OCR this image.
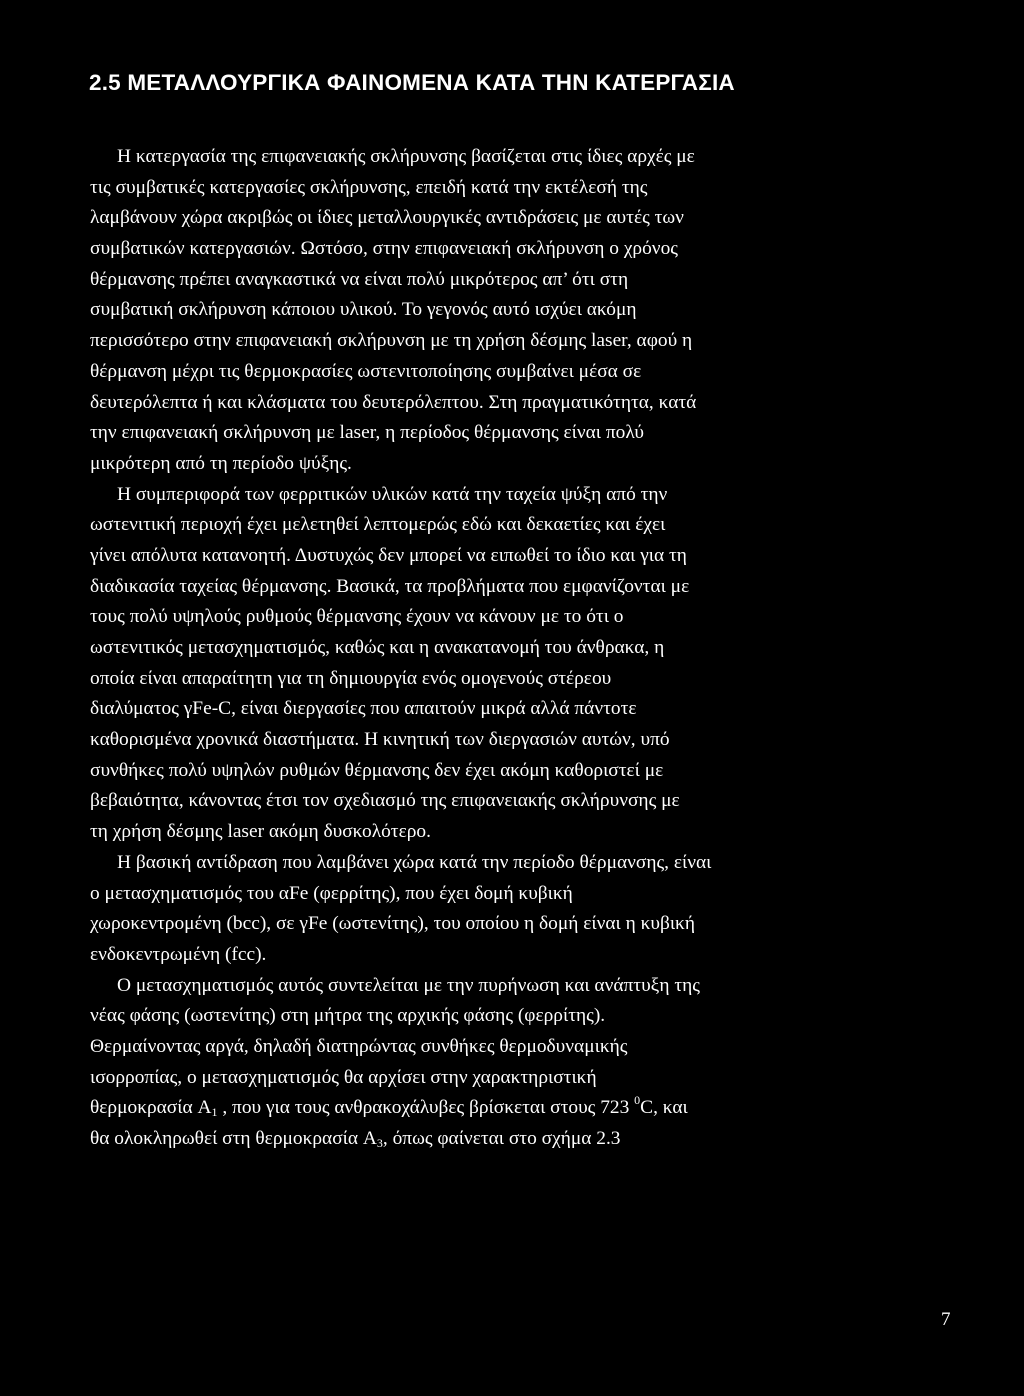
2.5 ΜΕΤΑΛΛΟΥΡΓΙΚΑ ΦΑΙΝΟΜΕΝΑ ΚΑΤΑ ΤΗΝ ΚΑΤΕΡΓΑΣΙΑ
Η κατεργασία της επιφανειακής σκλήρυνσης βασίζεται στις ίδιες αρχές με
τις συμβατικές κατεργασίες σκλήρυνσης, επειδή κατά την εκτέλεσή της
λαμβάνουν χώρα ακριβώς οι ίδιες μεταλλουργικές αντιδράσεις με αυτές των
συμβατικών κατεργασιών. Ωστόσο, στην επιφανειακή σκλήρυνση ο χρόνος
θέρμανσης πρέπει αναγκαστικά να είναι πολύ μικρότερος απ’ ότι στη
συμβατική σκλήρυνση κάποιου υλικού. Το γεγονός αυτό ισχύει ακόμη
περισσότερο στην επιφανειακή σκλήρυνση με τη χρήση δέσμης laser, αφού η
θέρμανση μέχρι τις θερμοκρασίες ωστενιτοποίησης συμβαίνει μέσα σε
δευτερόλεπτα ή και κλάσματα του δευτερόλεπτου. Στη πραγματικότητα, κατά
την επιφανειακή σκλήρυνση με laser, η περίοδος θέρμανσης είναι πολύ
μικρότερη από τη περίοδο ψύξης.
Η συμπεριφορά των φερριτικών υλικών κατά την ταχεία ψύξη από την
ωστενιτική περιοχή έχει μελετηθεί λεπτομερώς εδώ και δεκαετίες και έχει
γίνει απόλυτα κατανοητή. Δυστυχώς δεν μπορεί να ειπωθεί το ίδιο και για τη
διαδικασία ταχείας θέρμανσης. Βασικά, τα προβλήματα που εμφανίζονται με
τους πολύ υψηλούς ρυθμούς θέρμανσης έχουν να κάνουν με το ότι ο
ωστενιτικός μετασχηματισμός, καθώς και η ανακατανομή του άνθρακα, η
οποία είναι απαραίτητη για τη δημιουργία ενός ομογενούς στέρεου
διαλύματος γFe-C, είναι διεργασίες που απαιτούν μικρά αλλά πάντοτε
καθορισμένα χρονικά διαστήματα. Η κινητική των διεργασιών αυτών, υπό
συνθήκες πολύ υψηλών ρυθμών θέρμανσης δεν έχει ακόμη καθοριστεί με
βεβαιότητα, κάνοντας έτσι τον σχεδιασμό της επιφανειακής σκλήρυνσης με
τη χρήση δέσμης laser ακόμη δυσκολότερο.
Η βασική αντίδραση που λαμβάνει χώρα κατά την περίοδο θέρμανσης, είναι
ο μετασχηματισμός του αFe (φερρίτης), που έχει δομή κυβική
χωροκεντρομένη (bcc), σε γFe (ωστενίτης), του οποίου η δομή είναι η κυβική
ενδοκεντρωμένη (fcc).
Ο μετασχηματισμός αυτός συντελείται με την πυρήνωση και ανάπτυξη της
νέας φάσης (ωστενίτης) στη μήτρα της αρχικής φάσης (φερρίτης).
Θερμαίνοντας αργά, δηλαδή διατηρώντας συνθήκες θερμοδυναμικής
ισορροπίας, ο μετασχηματισμός θα αρχίσει στην χαρακτηριστική
θερμοκρασία $A_1$ , που για τους ανθρακοχάλυβες βρίσκεται στους 723 $^0$C, και
θα ολοκληρωθεί στη θερμοκρασία $A_3$, όπως φαίνεται στο σχήμα 2.3
7
